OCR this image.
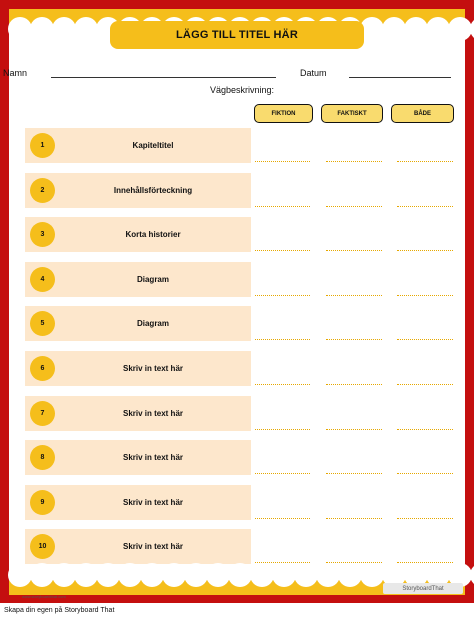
LÄGG TILL TITEL HÄR
Namn	Datum
Vägbeskrivning:
FIKTION	FAKTISKT	BÅDE
1	Kapiteltitel
2	Innehållsförteckning
3	Korta historier
4	Diagram
5	Diagram
6	Skriv in text här
7	Skriv in text här
8	Skriv in text här
9	Skriv in text här
10	Skriv in text här
www.storyboardthat.com
StoryboardThat
Skapa din egen på Storyboard That
